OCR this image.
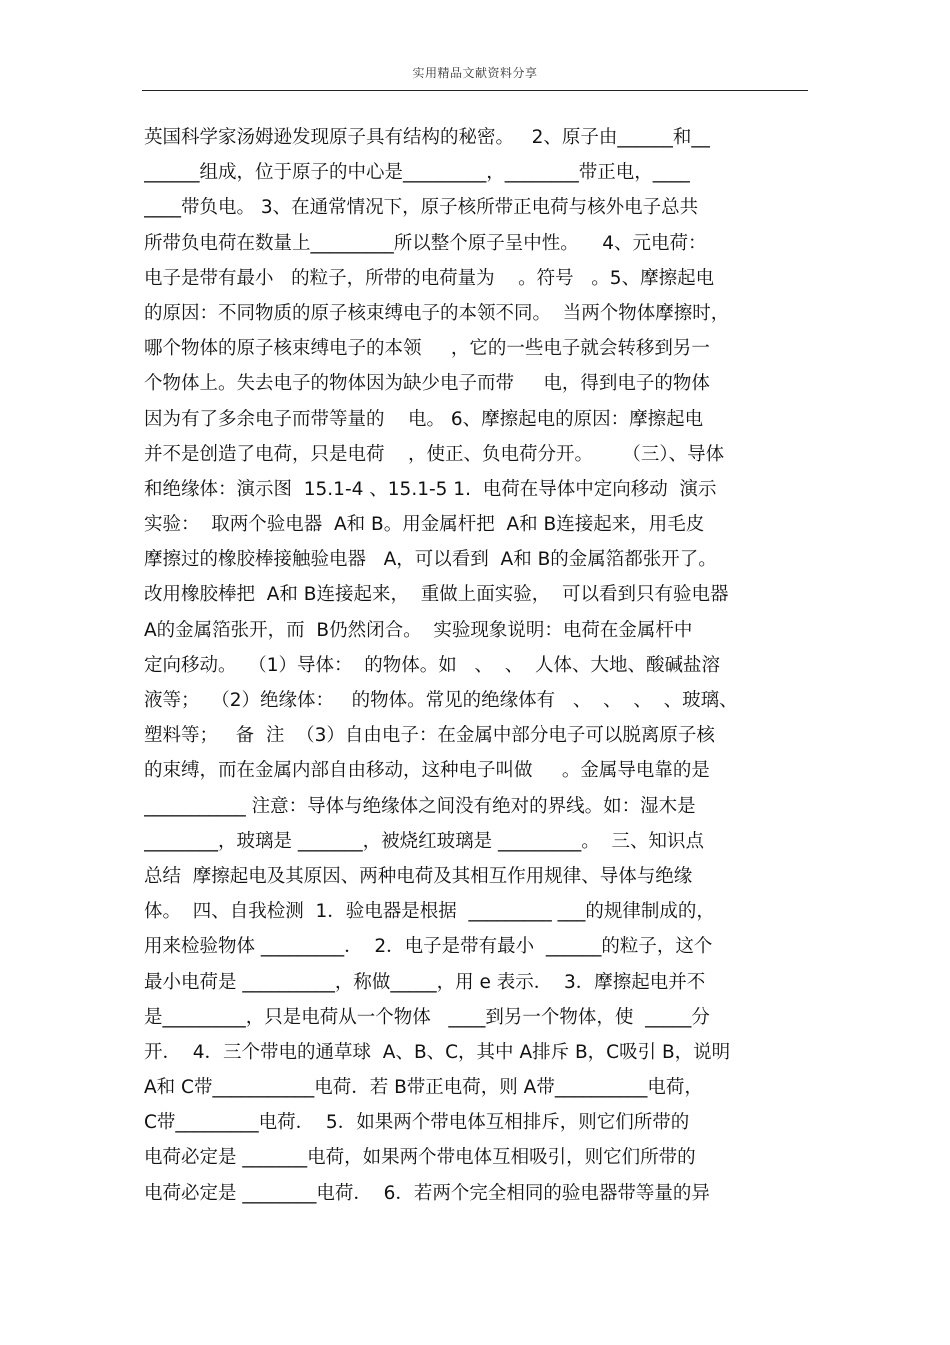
实用精品文献资料分享
英国科学家汤姆逊发现原子具有结构的秘密。   2、原子由______和__
______组成，位于原子的中心是_________，________带正电，____
____带负电。 3、在通常情况下，原子核所带正电荷与核外电子总共
所带负电荷在数量上_________所以整个原子呈中性。    4、元电荷：
电子是带有最小   的粒子，所带的电荷量为    。符号   。5、摩擦起电
的原因：不同物质的原子核束缚电子的本领不同。  当两个物体摩擦时，
哪个物体的原子核束缚电子的本领     ，它的一些电子就会转移到另一
个物体上。失去电子的物体因为缺少电子而带     电，得到电子的物体
因为有了多余电子而带等量的    电。 6、摩擦起电的原因：摩擦起电
并不是创造了电荷，只是电荷    ，使正、负电荷分开。     （三）、导体
和绝缘体：演示图  15.1-4 、15.1-5 1.  电荷在导体中定向移动  演示
实验：  取两个验电器  A和 B。用金属杆把  A和 B连接起来，用毛皮
摩擦过的橡胶棒接触验电器   A，可以看到  A和 B的金属箔都张开了。
改用橡胶棒把  A和 B连接起来，  重做上面实验，  可以看到只有验电器
A的金属箔张开，而  B仍然闭合。  实验现象说明：电荷在金属杆中
定向移动。  （1）导体：  的物体。如   、  、  人体、大地、酸碱盐溶
液等；  （2）绝缘体：   的物体。常见的绝缘体有   、  、  、  、玻璃、
塑料等；   备  注  （3）自由电子：在金属中部分电子可以脱离原子核
的束缚，而在金属内部自由移动，这种电子叫做     。金属导电靠的是
___________ 注意：导体与绝缘体之间没有绝对的界线。如：湿木是
________，玻璃是 _______，被烧红玻璃是 _________。  三、知识点
总结  摩擦起电及其原因、两种电荷及其相互作用规律、导体与绝缘
体。  四、自我检测  1．验电器是根据  _________ ___的规律制成的，
用来检验物体 _________．  2．电子是带有最小  ______的粒子，这个
最小电荷是 __________，称做_____，用 e 表示．  3．摩擦起电并不
是_________，只是电荷从一个物体   ____到另一个物体，使  _____分
开．  4．三个带电的通草球  A、B、C，其中 A排斥 B，C吸引 B，说明
A和 C带___________电荷．若 B带正电荷，则 A带__________电荷，
C带_________电荷．  5．如果两个带电体互相排斥，则它们所带的
电荷必定是 _______电荷，如果两个带电体互相吸引，则它们所带的
电荷必定是 ________电荷．  6．若两个完全相同的验电器带等量的异
